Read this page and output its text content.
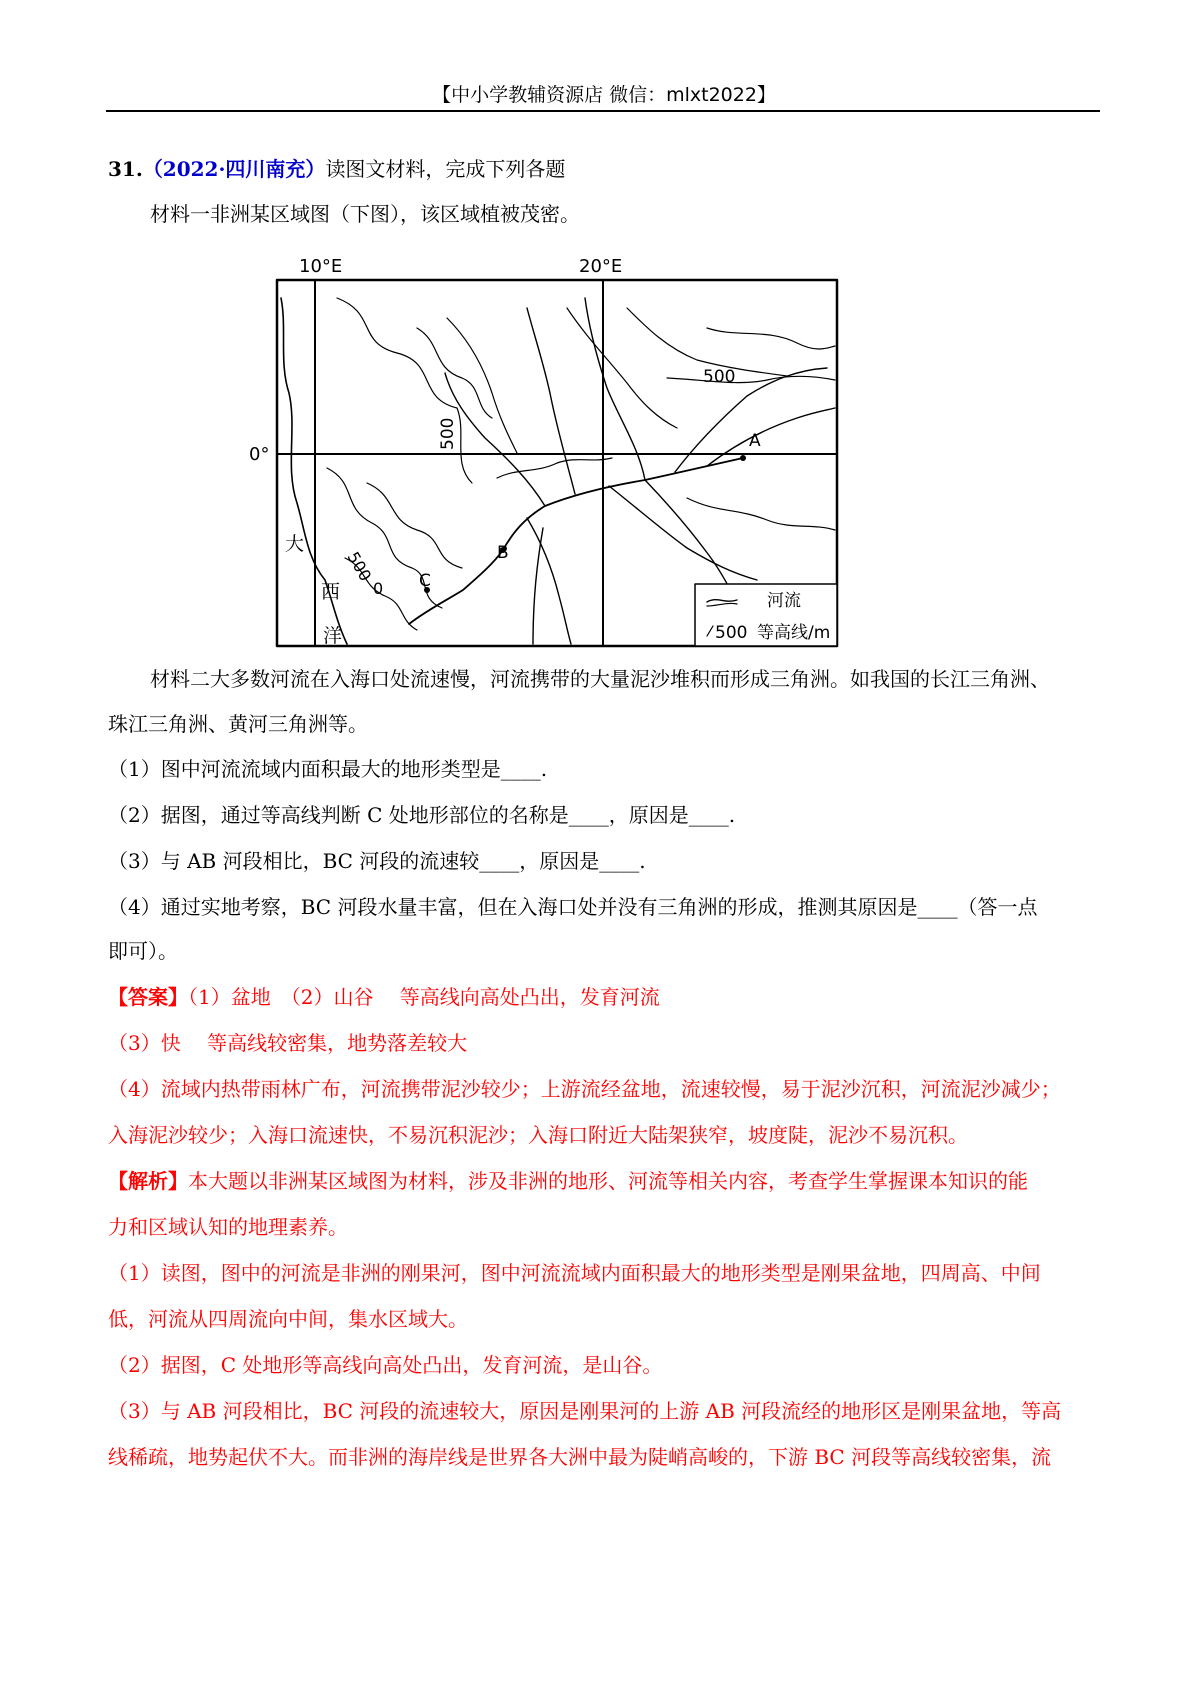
【中小学教辅资源店 微信：mlxt2022】
31.（2022·四川南充）读图文材料，完成下列各题
材料一非洲某区域图（下图），该区域植被茂密。
10°E	20°E
0°
500
500
500
0
A
B
C
大
西
洋
河流
500 等高线/m
材料二大多数河流在入海口处流速慢，河流携带的大量泥沙堆积而形成三角洲。如我国的长江三角洲、
珠江三角洲、黄河三角洲等。
（1）图中河流流域内面积最大的地形类型是____.
（2）据图，通过等高线判断 C 处地形部位的名称是____，原因是____.
（3）与 AB 河段相比，BC 河段的流速较____，原因是____.
（4）通过实地考察，BC 河段水量丰富，但在入海口处并没有三角洲的形成，推测其原因是____（答一点
即可）。
【答案】（1）盆地　（2）山谷　 等高线向高处凸出，发育河流
（3）快　 等高线较密集，地势落差较大
（4）流域内热带雨林广布，河流携带泥沙较少；上游流经盆地，流速较慢，易于泥沙沉积，河流泥沙减少；
入海泥沙较少；入海口流速快，不易沉积泥沙；入海口附近大陆架狭窄，坡度陡，泥沙不易沉积。
【解析】本大题以非洲某区域图为材料，涉及非洲的地形、河流等相关内容，考查学生掌握课本知识的能
力和区域认知的地理素养。
（1）读图，图中的河流是非洲的刚果河，图中河流流域内面积最大的地形类型是刚果盆地，四周高、中间
低，河流从四周流向中间，集水区域大。
（2）据图，C 处地形等高线向高处凸出，发育河流，是山谷。
（3）与 AB 河段相比，BC 河段的流速较大，原因是刚果河的上游 AB 河段流经的地形区是刚果盆地，等高
线稀疏，地势起伏不大。而非洲的海岸线是世界各大洲中最为陡峭高峻的，下游 BC 河段等高线较密集，流
